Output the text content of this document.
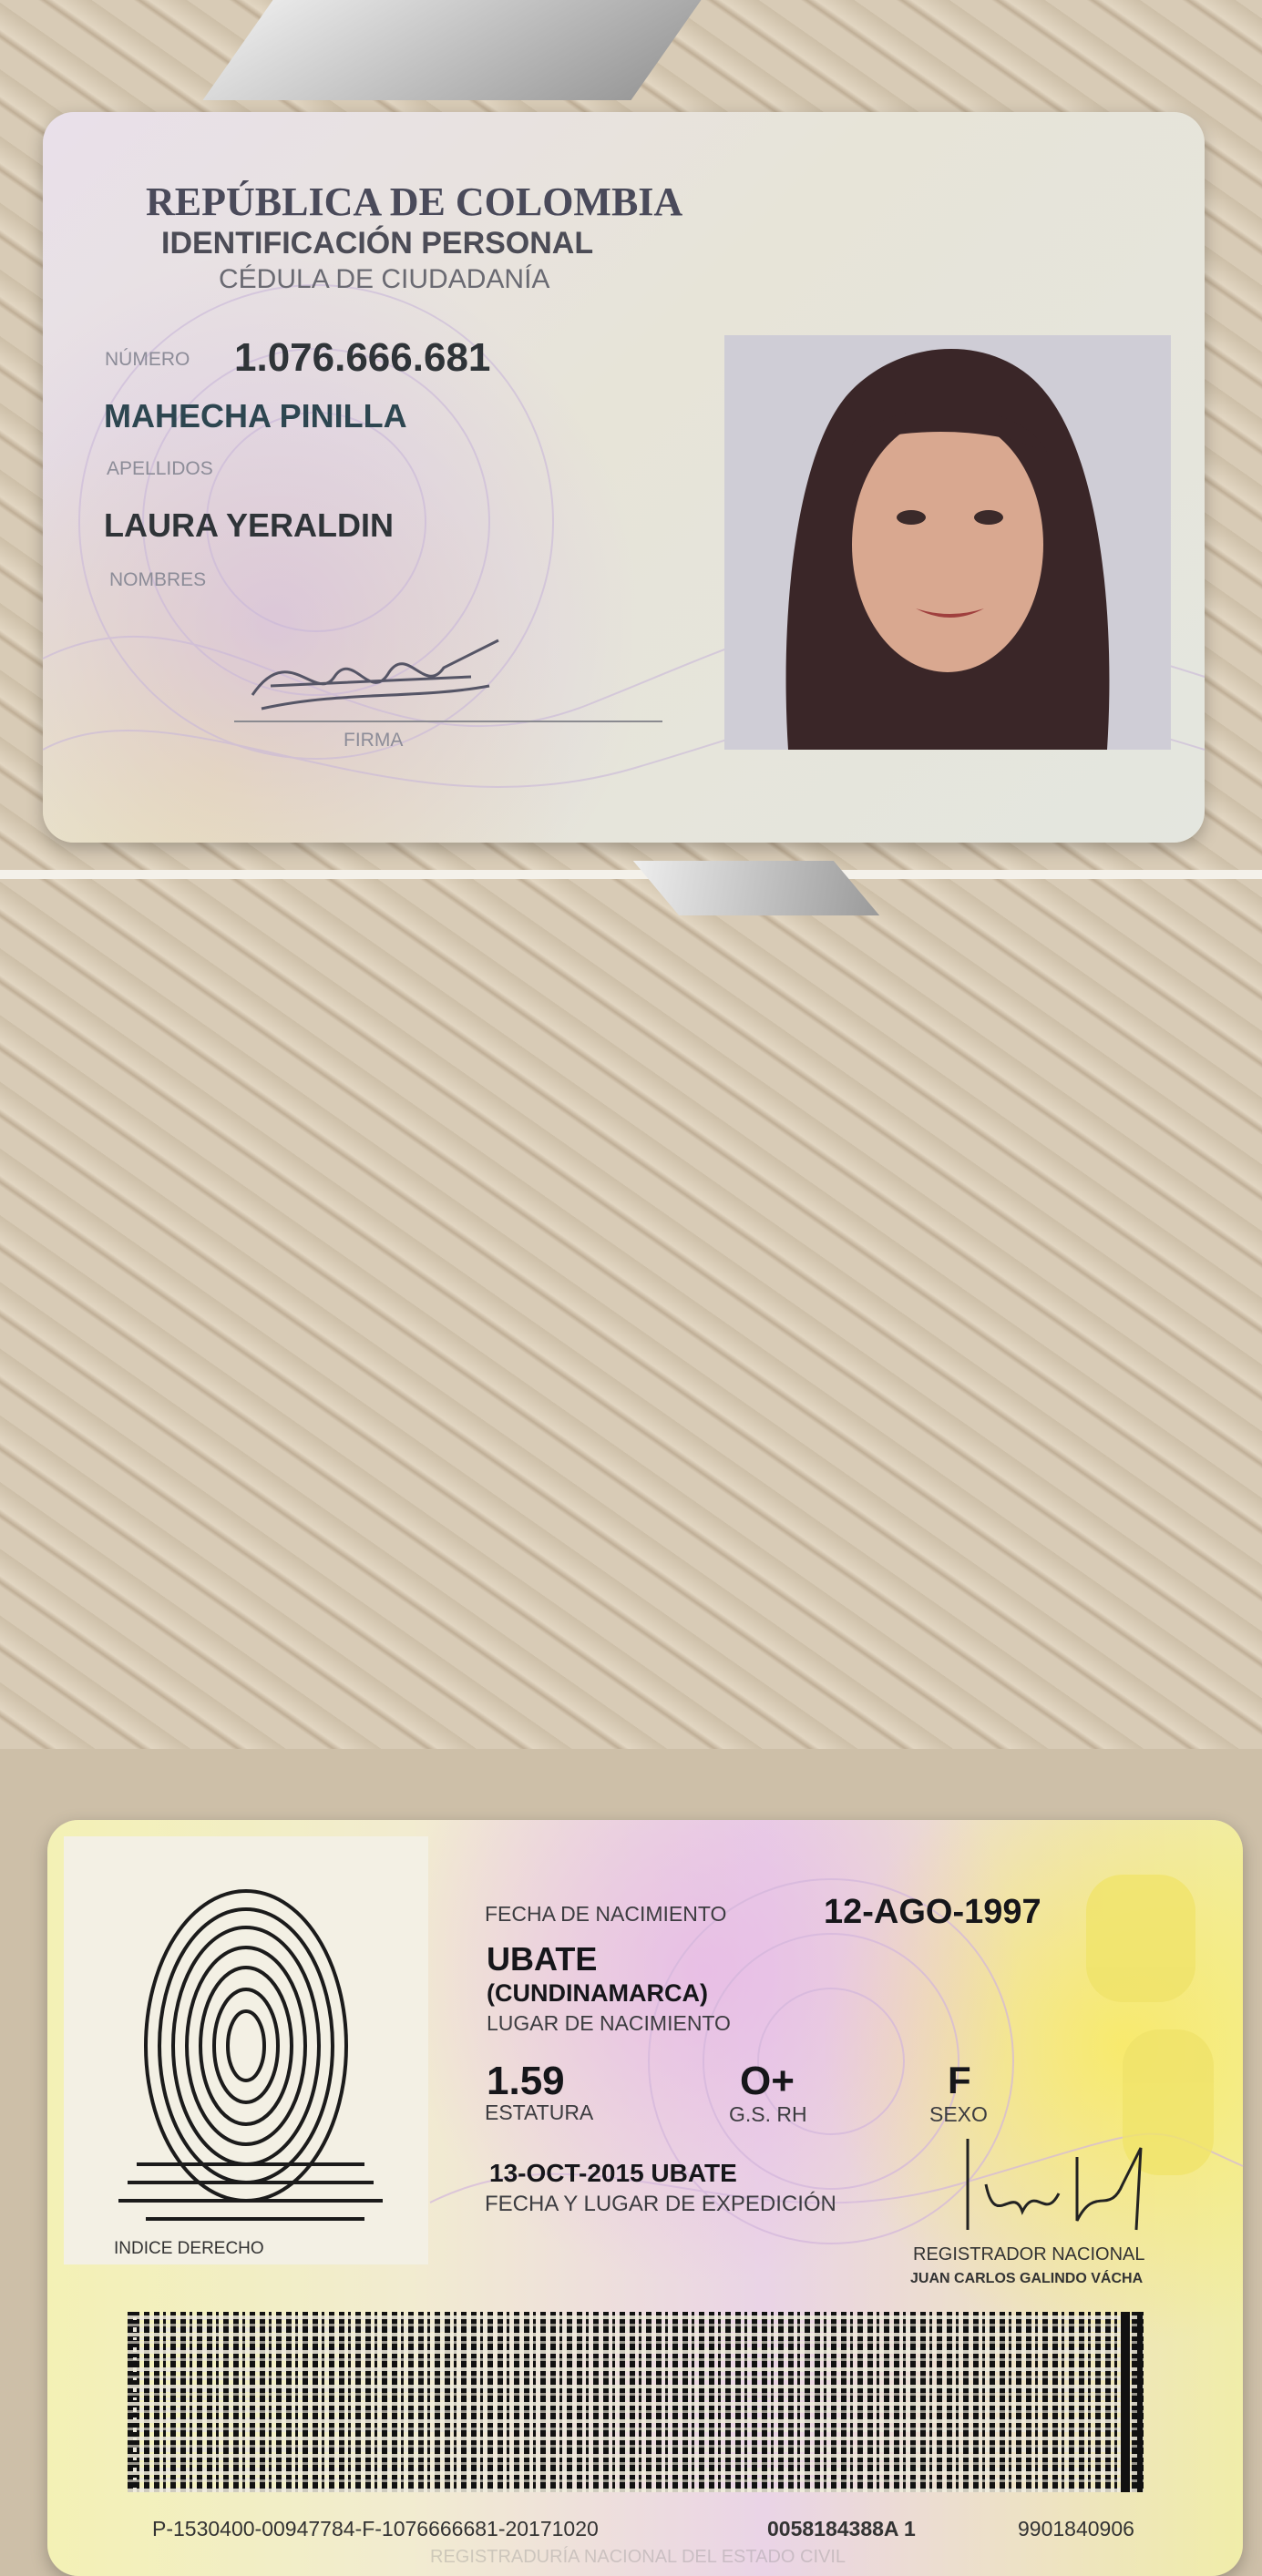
REPÚBLICA DE COLOMBIA
IDENTIFICACIÓN PERSONAL
CÉDULA DE CIUDADANÍA
NÚMERO 1.076.666.681
MAHECHA PINILLA
APELLIDOS
LAURA YERALDIN
NOMBRES
FIRMA
INDICE DERECHO
FECHA DE NACIMIENTO	12-AGO-1997
UBATE
(CUNDINAMARCA)
LUGAR DE NACIMIENTO
1.59
ESTATURA
O+
G.S. RH
F
SEXO
13-OCT-2015 UBATE
FECHA Y LUGAR DE EXPEDICIÓN
REGISTRADOR NACIONAL
JUAN CARLOS GALINDO VÁCHA
P-1530400-00947784-F-1076666681-20171020	0058184388A 1	9901840906
REGISTRADURÍA NACIONAL DEL ESTADO CIVIL
